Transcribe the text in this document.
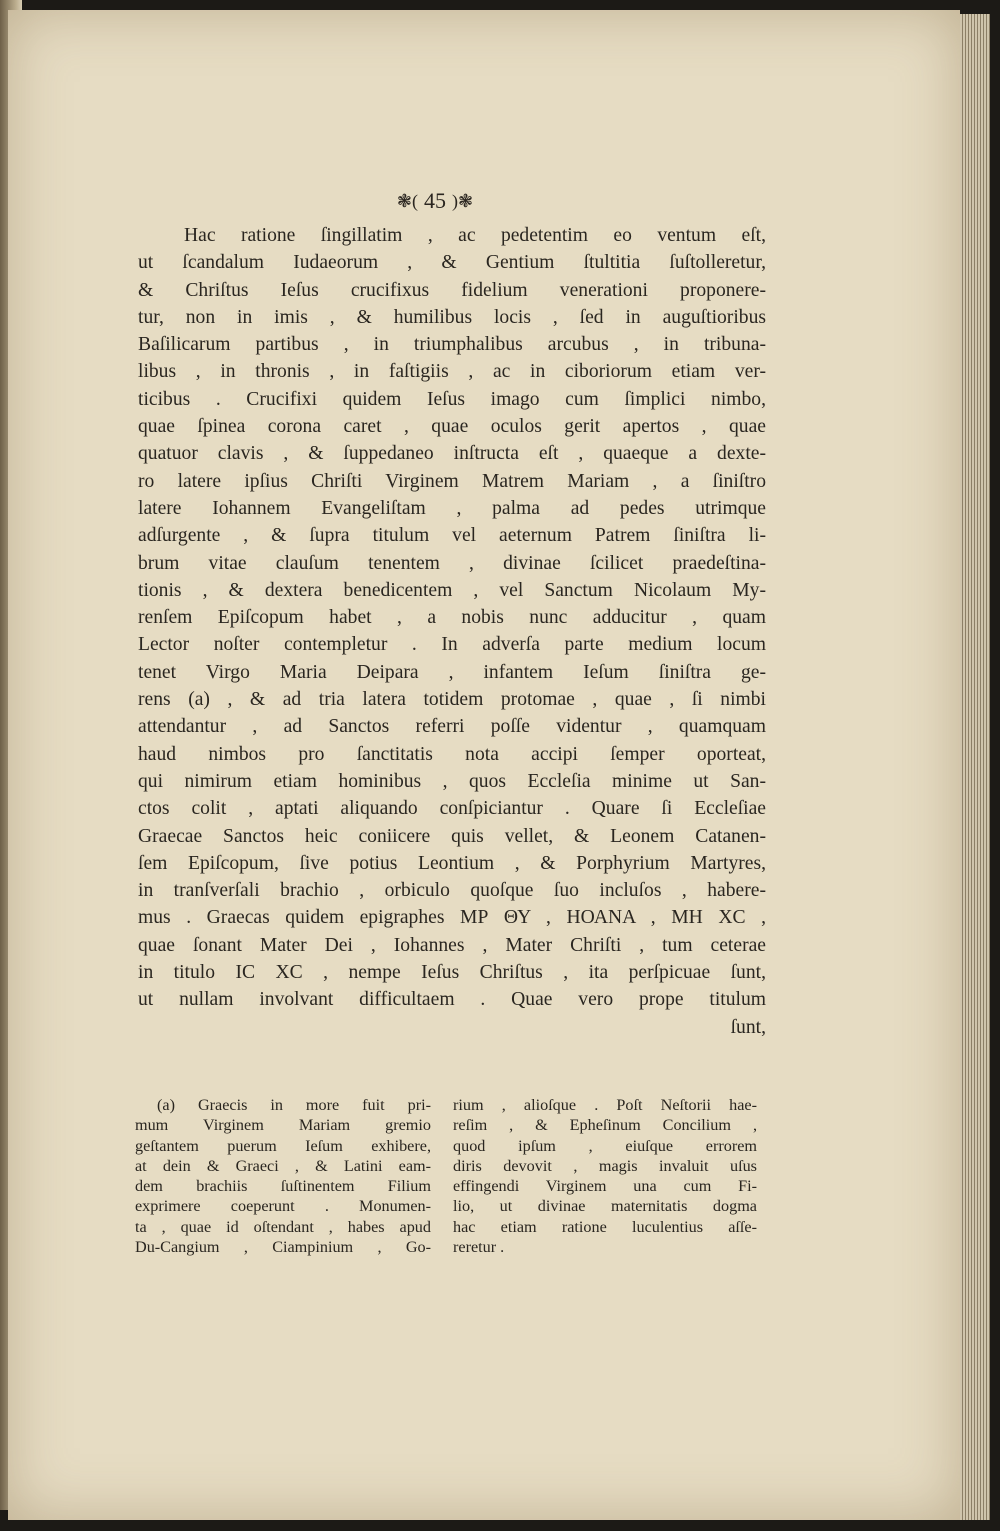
❃( 45 )❃
Hac ratione ſingillatim , ac pedetentim eo ventum eſt,
ut ſcandalum Iudaeorum , & Gentium ſtultitia ſuſtolleretur,
& Chriſtus Ieſus crucifixus fidelium venerationi proponere-
tur, non in imis , & humilibus locis , ſed in auguſtioribus
Baſilicarum partibus , in triumphalibus arcubus , in tribuna-
libus , in thronis , in faſtigiis , ac in ciboriorum etiam ver-
ticibus . Crucifixi quidem Ieſus imago cum ſimplici nimbo,
quae ſpinea corona caret , quae oculos gerit apertos , quae
quatuor clavis , & ſuppedaneo inſtructa eſt , quaeque a dexte-
ro latere ipſius Chriſti Virginem Matrem Mariam , a ſiniſtro
latere Iohannem Evangeliſtam , palma ad pedes utrimque
adſurgente , & ſupra titulum vel aeternum Patrem ſiniſtra li-
brum vitae clauſum tenentem , divinae ſcilicet praedeſtina-
tionis , & dextera benedicentem , vel Sanctum Nicolaum My-
renſem Epiſcopum habet , a nobis nunc adducitur , quam
Lector noſter contempletur . In adverſa parte medium locum
tenet Virgo Maria Deipara , infantem Ieſum ſiniſtra ge-
rens (a) , & ad tria latera totidem protomae , quae , ſi nimbi
attendantur , ad Sanctos referri poſſe videntur , quamquam
haud nimbos pro ſanctitatis nota accipi ſemper oporteat,
qui nimirum etiam hominibus , quos Eccleſia minime ut San-
ctos colit , aptati aliquando conſpiciantur . Quare ſi Eccleſiae
Graecae Sanctos heic coniicere quis vellet, & Leonem Catanen-
ſem Epiſcopum, ſive potius Leontium , & Porphyrium Martyres,
in tranſverſali brachio , orbiculo quoſque ſuo incluſos , habere-
mus . Graecas quidem epigraphes ΜΡ ΘΥ , ΗΟΑΝΑ , ΜΗ ΧC ,
quae ſonant Mater Dei , Iohannes , Mater Chriſti , tum ceterae
in titulo IC XC , nempe Ieſus Chriſtus , ita perſpicuae ſunt,
ut nullam involvant difficultaem . Quae vero prope titulum
ſunt,
(a) Graecis in more fuit pri-
mum Virginem Mariam gremio
geſtantem puerum Ieſum exhibere,
at dein & Graeci , & Latini eam-
dem brachiis ſuſtinentem Filium
exprimere coeperunt . Monumen-
ta , quae id oſtendant , habes apud
Du-Cangium , Ciampinium , Go-
rium , alioſque . Poſt Neſtorii hae-
reſim , & Epheſinum Concilium ,
quod ipſum , eiuſque errorem
diris devovit , magis invaluit uſus
effingendi Virginem una cum Fi-
lio, ut divinae maternitatis dogma
hac etiam ratione luculentius aſſe-
reretur .
